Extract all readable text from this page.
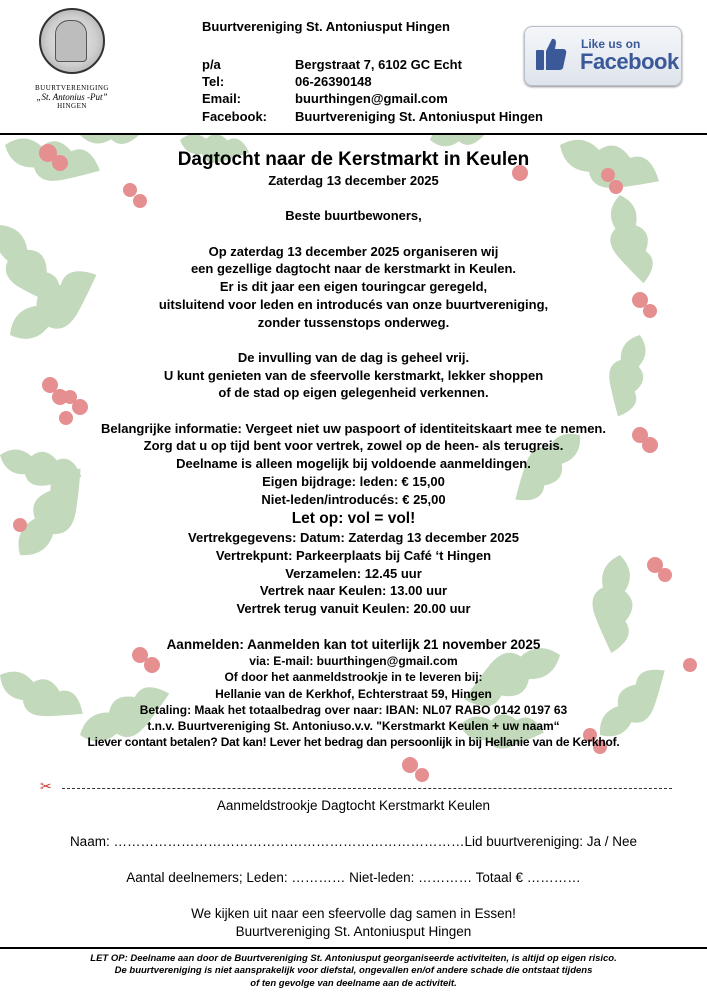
BUURTVERENIGING
„St. Antonius -Put”
HINGEN
Buurtvereniging St. Antoniusput Hingen
p/a	Bergstraat 7, 6102 GC Echt
Tel:	06-26390148
Email:	buurthingen@gmail.com
Facebook:	Buurtvereniging St. Antoniusput Hingen
Like us on
Facebook
Dagtocht naar de Kerstmarkt in Keulen
Zaterdag 13 december 2025
Beste buurtbewoners,
Op zaterdag 13 december 2025 organiseren wij
een gezellige dagtocht naar de kerstmarkt in Keulen.
Er is dit jaar een eigen touringcar geregeld,
uitsluitend voor leden en introducés van onze buurtvereniging,
zonder tussenstops onderweg.
De invulling van de dag is geheel vrij.
U kunt genieten van de sfeervolle kerstmarkt, lekker shoppen
of de stad op eigen gelegenheid verkennen.
Belangrijke informatie: Vergeet niet uw paspoort of identiteitskaart mee te nemen.
Zorg dat u op tijd bent voor vertrek, zowel op de heen- als terugreis.
Deelname is alleen mogelijk bij voldoende aanmeldingen.
Eigen bijdrage: leden: € 15,00
Niet-leden/introducés: € 25,00
Let op: vol = vol!
Vertrekgegevens: Datum: Zaterdag 13 december 2025
Vertrekpunt: Parkeerplaats bij Café ‘t Hingen
Verzamelen: 12.45 uur
Vertrek naar Keulen: 13.00 uur
Vertrek terug vanuit Keulen: 20.00 uur
Aanmelden: Aanmelden kan tot uiterlijk 21 november 2025
via: E-mail: buurthingen@gmail.com
Of door het aanmeldstrookje in te leveren bij:
Hellanie van de Kerkhof, Echterstraat 59, Hingen
Betaling: Maak het totaalbedrag over naar: IBAN: NL07 RABO 0142 0197 63
t.n.v. Buurtvereniging St. Antoniuso.v.v. "Kerstmarkt Keulen + uw naam“
Liever contant betalen? Dat kan! Lever het bedrag dan persoonlijk in bij Hellanie van de Kerkhof.
✂
Aanmeldstrookje Dagtocht Kerstmarkt Keulen
Naam: ……………………………………………………………………Lid buurtvereniging: Ja / Nee
Aantal deelnemers; Leden: ………… Niet-leden: ………… Totaal € …………
We kijken uit naar een sfeervolle dag samen in Essen!
Buurtvereniging St. Antoniusput Hingen
LET OP: Deelname aan door de Buurtvereniging St. Antoniusput georganiseerde activiteiten, is altijd op eigen risico.
De buurtvereniging is niet aansprakelijk voor diefstal, ongevallen en/of andere schade die ontstaat tijdens
of ten gevolge van deelname aan de activiteit.
